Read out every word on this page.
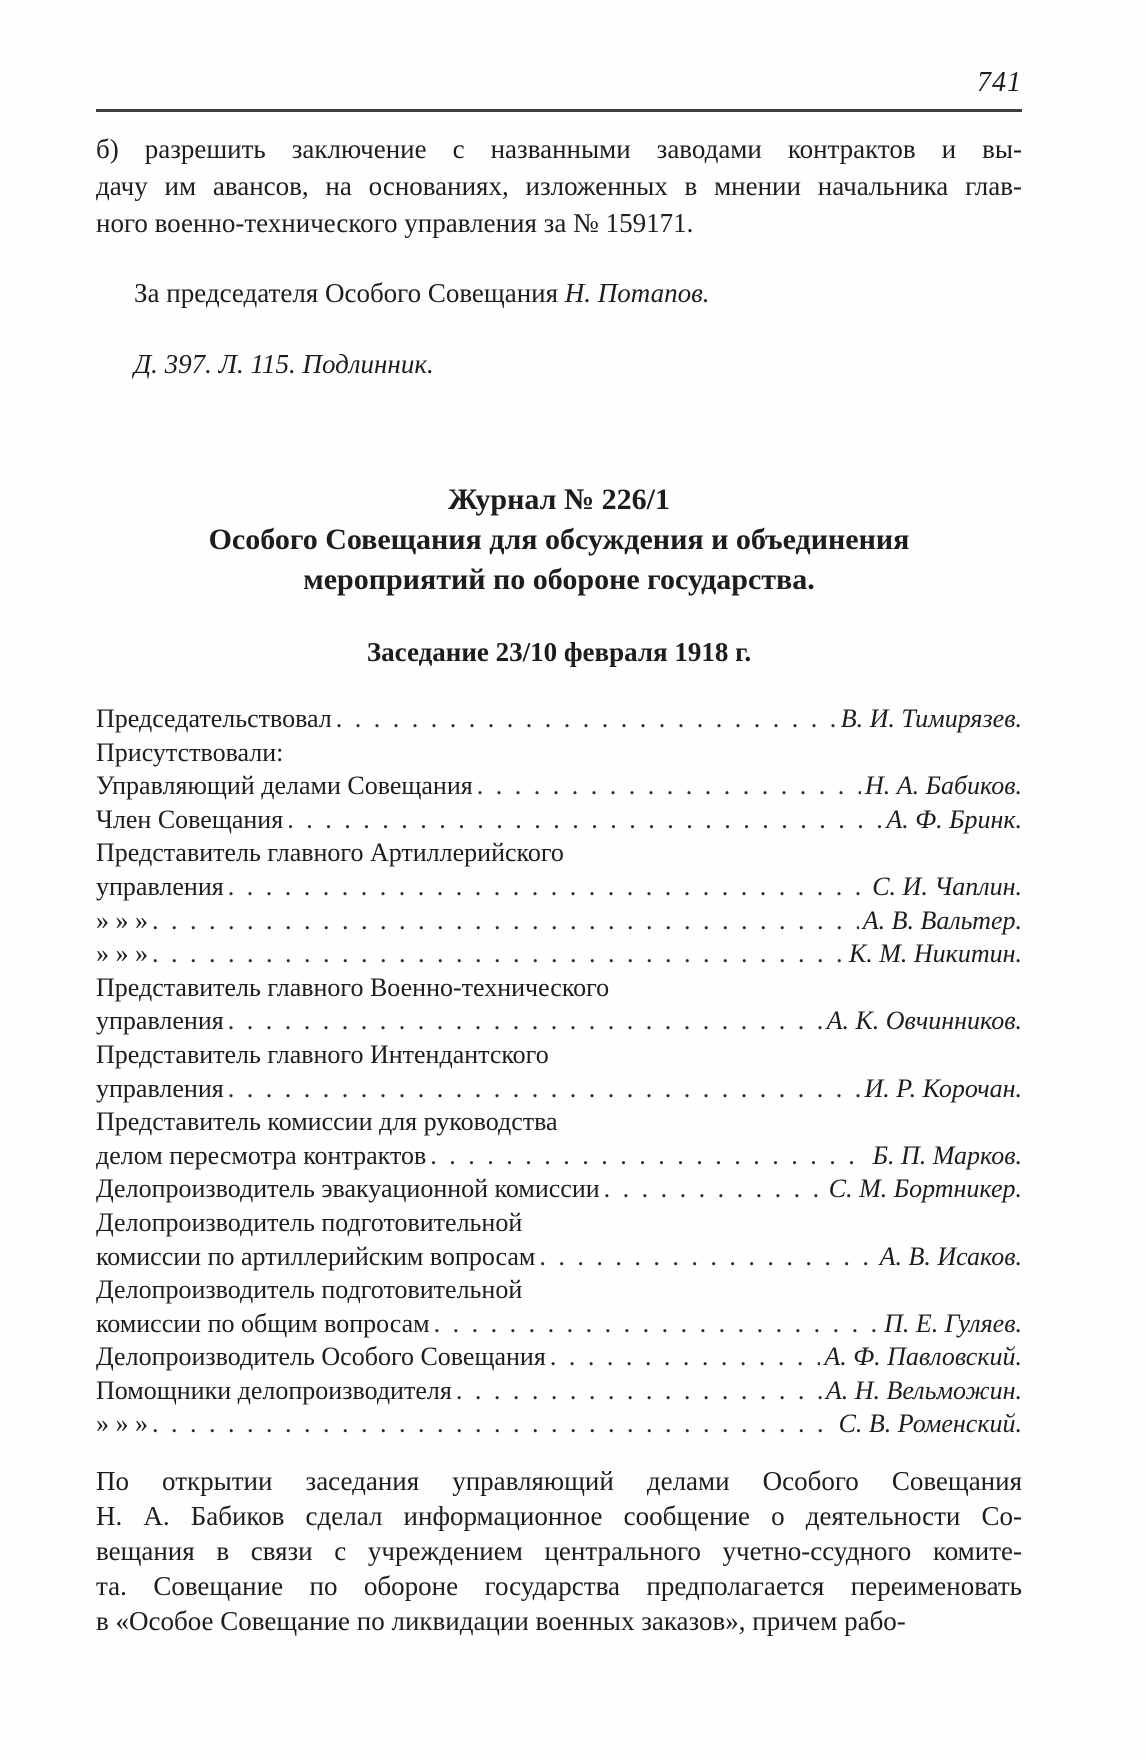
741
б) разрешить заключение с названными заводами контрактов и вы-
дачу им авансов, на основаниях, изложенных в мнении начальника глав-
ного военно-технического управления за № 159171.
За председателя Особого Совещания Н. Потапов.
Д. 397. Л. 115. Подлинник.
Журнал № 226/1
Особого Совещания для обсуждения и объединения
мероприятий по обороне государства.
Заседание 23/10 февраля 1918 г.
Председательствовал . . .	В. И. Тимирязев.
Присутствовали:
Управляющий делами Совещания . . .	Н. А. Бабиков.
Член Совещания . . .	А. Ф. Бринк.
Представитель главного Артиллерийского
управления . . .	С. И. Чаплин.
» » » . . .	А. В. Вальтер.
» » » . . .	К. М. Никитин.
Представитель главного Военно-технического
управления . . .	А. К. Овчинников.
Представитель главного Интендантского
управления . . .	И. Р. Корочан.
Представитель комиссии для руководства
делом пересмотра контрактов . . .	Б. П. Марков.
Делопроизводитель эвакуационной комиссии . . .	С. М. Бортникер.
Делопроизводитель подготовительной
комиссии по артиллерийским вопросам . . .	А. В. Исаков.
Делопроизводитель подготовительной
комиссии по общим вопросам . . .	П. Е. Гуляев.
Делопроизводитель Особого Совещания . . .	А. Ф. Павловский.
Помощники делопроизводителя . . .	А. Н. Вельможин.
» » » . . .	С. В. Роменский.
По открытии заседания управляющий делами Особого Совещания
Н. А. Бабиков сделал информационное сообщение о деятельности Со-
вещания в связи с учреждением центрального учетно-ссудного комите-
та. Совещание по обороне государства предполагается переименовать
в «Особое Совещание по ликвидации военных заказов», причем рабо-
